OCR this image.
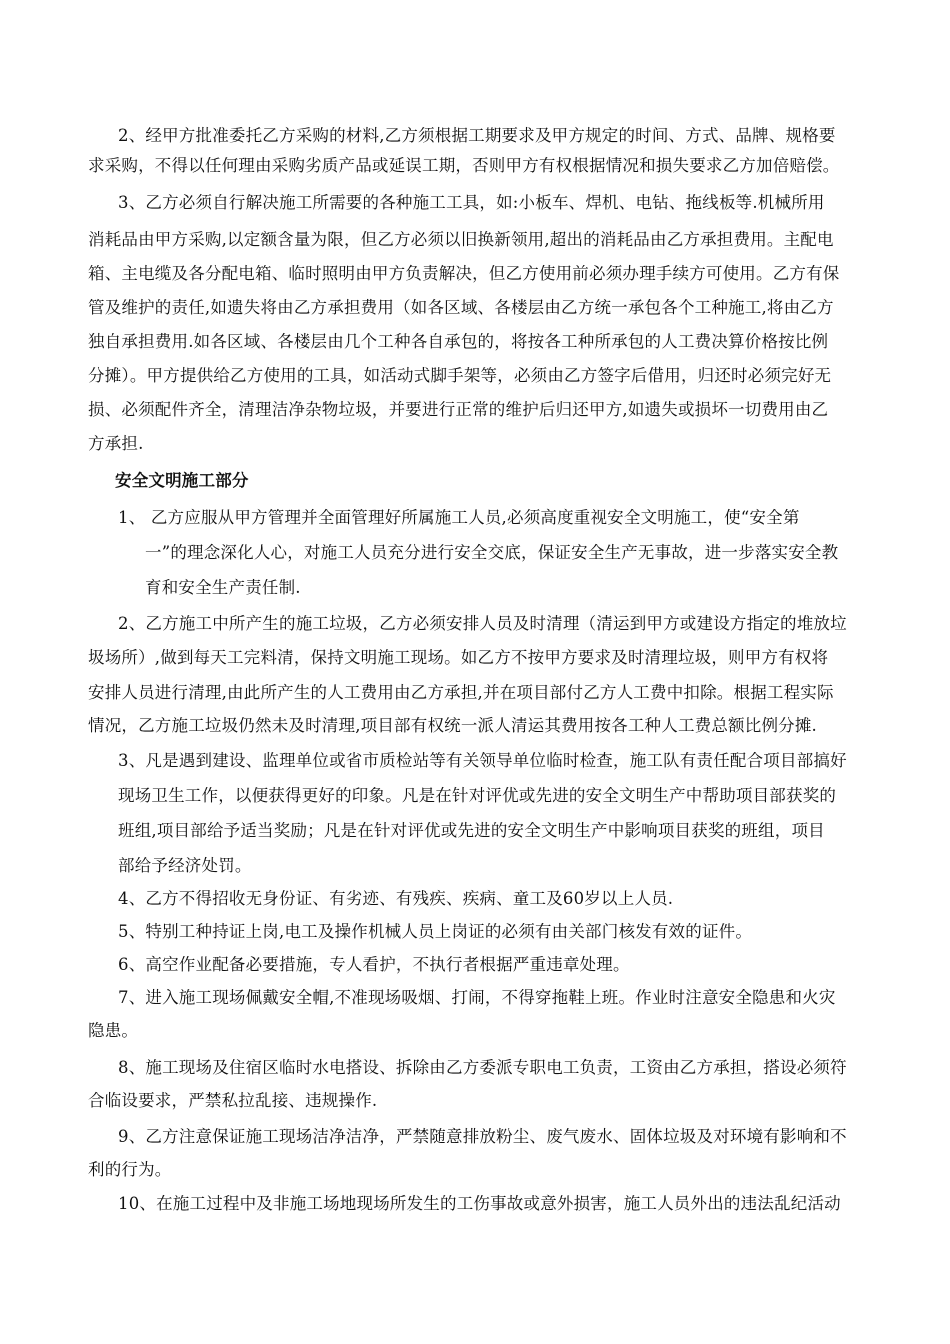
2、经甲方批准委托乙方采购的材料,乙方须根据工期要求及甲方规定的时间、方式、品牌、规格要

求采购，不得以任何理由采购劣质产品或延误工期，否则甲方有权根据情况和损失要求乙方加倍赔偿。

3、乙方必须自行解决施工所需要的各种施工工具，如:小板车、焊机、电钻、拖线板等.机械所用

消耗品由甲方采购,以定额含量为限，但乙方必须以旧换新领用,超出的消耗品由乙方承担费用。主配电

箱、主电缆及各分配电箱、临时照明由甲方负责解决，但乙方使用前必须办理手续方可使用。乙方有保

管及维护的责任,如遗失将由乙方承担费用（如各区域、各楼层由乙方统一承包各个工种施工,将由乙方

独自承担费用.如各区域、各楼层由几个工种各自承包的，将按各工种所承包的人工费决算价格按比例

分摊）。甲方提供给乙方使用的工具，如活动式脚手架等，必须由乙方签字后借用，归还时必须完好无

损、必须配件齐全，清理洁净杂物垃圾，并要进行正常的维护后归还甲方,如遗失或损坏一切费用由乙

方承担.

安全文明施工部分

1、 乙方应服从甲方管理并全面管理好所属施工人员,必须高度重视安全文明施工，使“安全第

一”的理念深化人心，对施工人员充分进行安全交底，保证安全生产无事故，进一步落实安全教

育和安全生产责任制.

2、乙方施工中所产生的施工垃圾，乙方必须安排人员及时清理（清运到甲方或建设方指定的堆放垃

圾场所）,做到每天工完料清，保持文明施工现场。如乙方不按甲方要求及时清理垃圾，则甲方有权将

安排人员进行清理,由此所产生的人工费用由乙方承担,并在项目部付乙方人工费中扣除。根据工程实际

情况，乙方施工垃圾仍然未及时清理,项目部有权统一派人清运其费用按各工种人工费总额比例分摊.

3、凡是遇到建设、监理单位或省市质检站等有关领导单位临时检查，施工队有责任配合项目部搞好

现场卫生工作，以便获得更好的印象。凡是在针对评优或先进的安全文明生产中帮助项目部获奖的

班组,项目部给予适当奖励；凡是在针对评优或先进的安全文明生产中影响项目获奖的班组，项目

部给予经济处罚。

4、乙方不得招收无身份证、有劣迹、有残疾、疾病、童工及60岁以上人员.

5、特别工种持证上岗,电工及操作机械人员上岗证的必须有由关部门核发有效的证件。

6、高空作业配备必要措施，专人看护，不执行者根据严重违章处理。

7、进入施工现场佩戴安全帽,不准现场吸烟、打闹，不得穿拖鞋上班。作业时注意安全隐患和火灾

隐患。

8、施工现场及住宿区临时水电搭设、拆除由乙方委派专职电工负责，工资由乙方承担，搭设必须符

合临设要求，严禁私拉乱接、违规操作.

9、乙方注意保证施工现场洁净洁净，严禁随意排放粉尘、废气废水、固体垃圾及对环境有影响和不

利的行为。

10、在施工过程中及非施工场地现场所发生的工伤事故或意外损害，施工人员外出的违法乱纪活动
